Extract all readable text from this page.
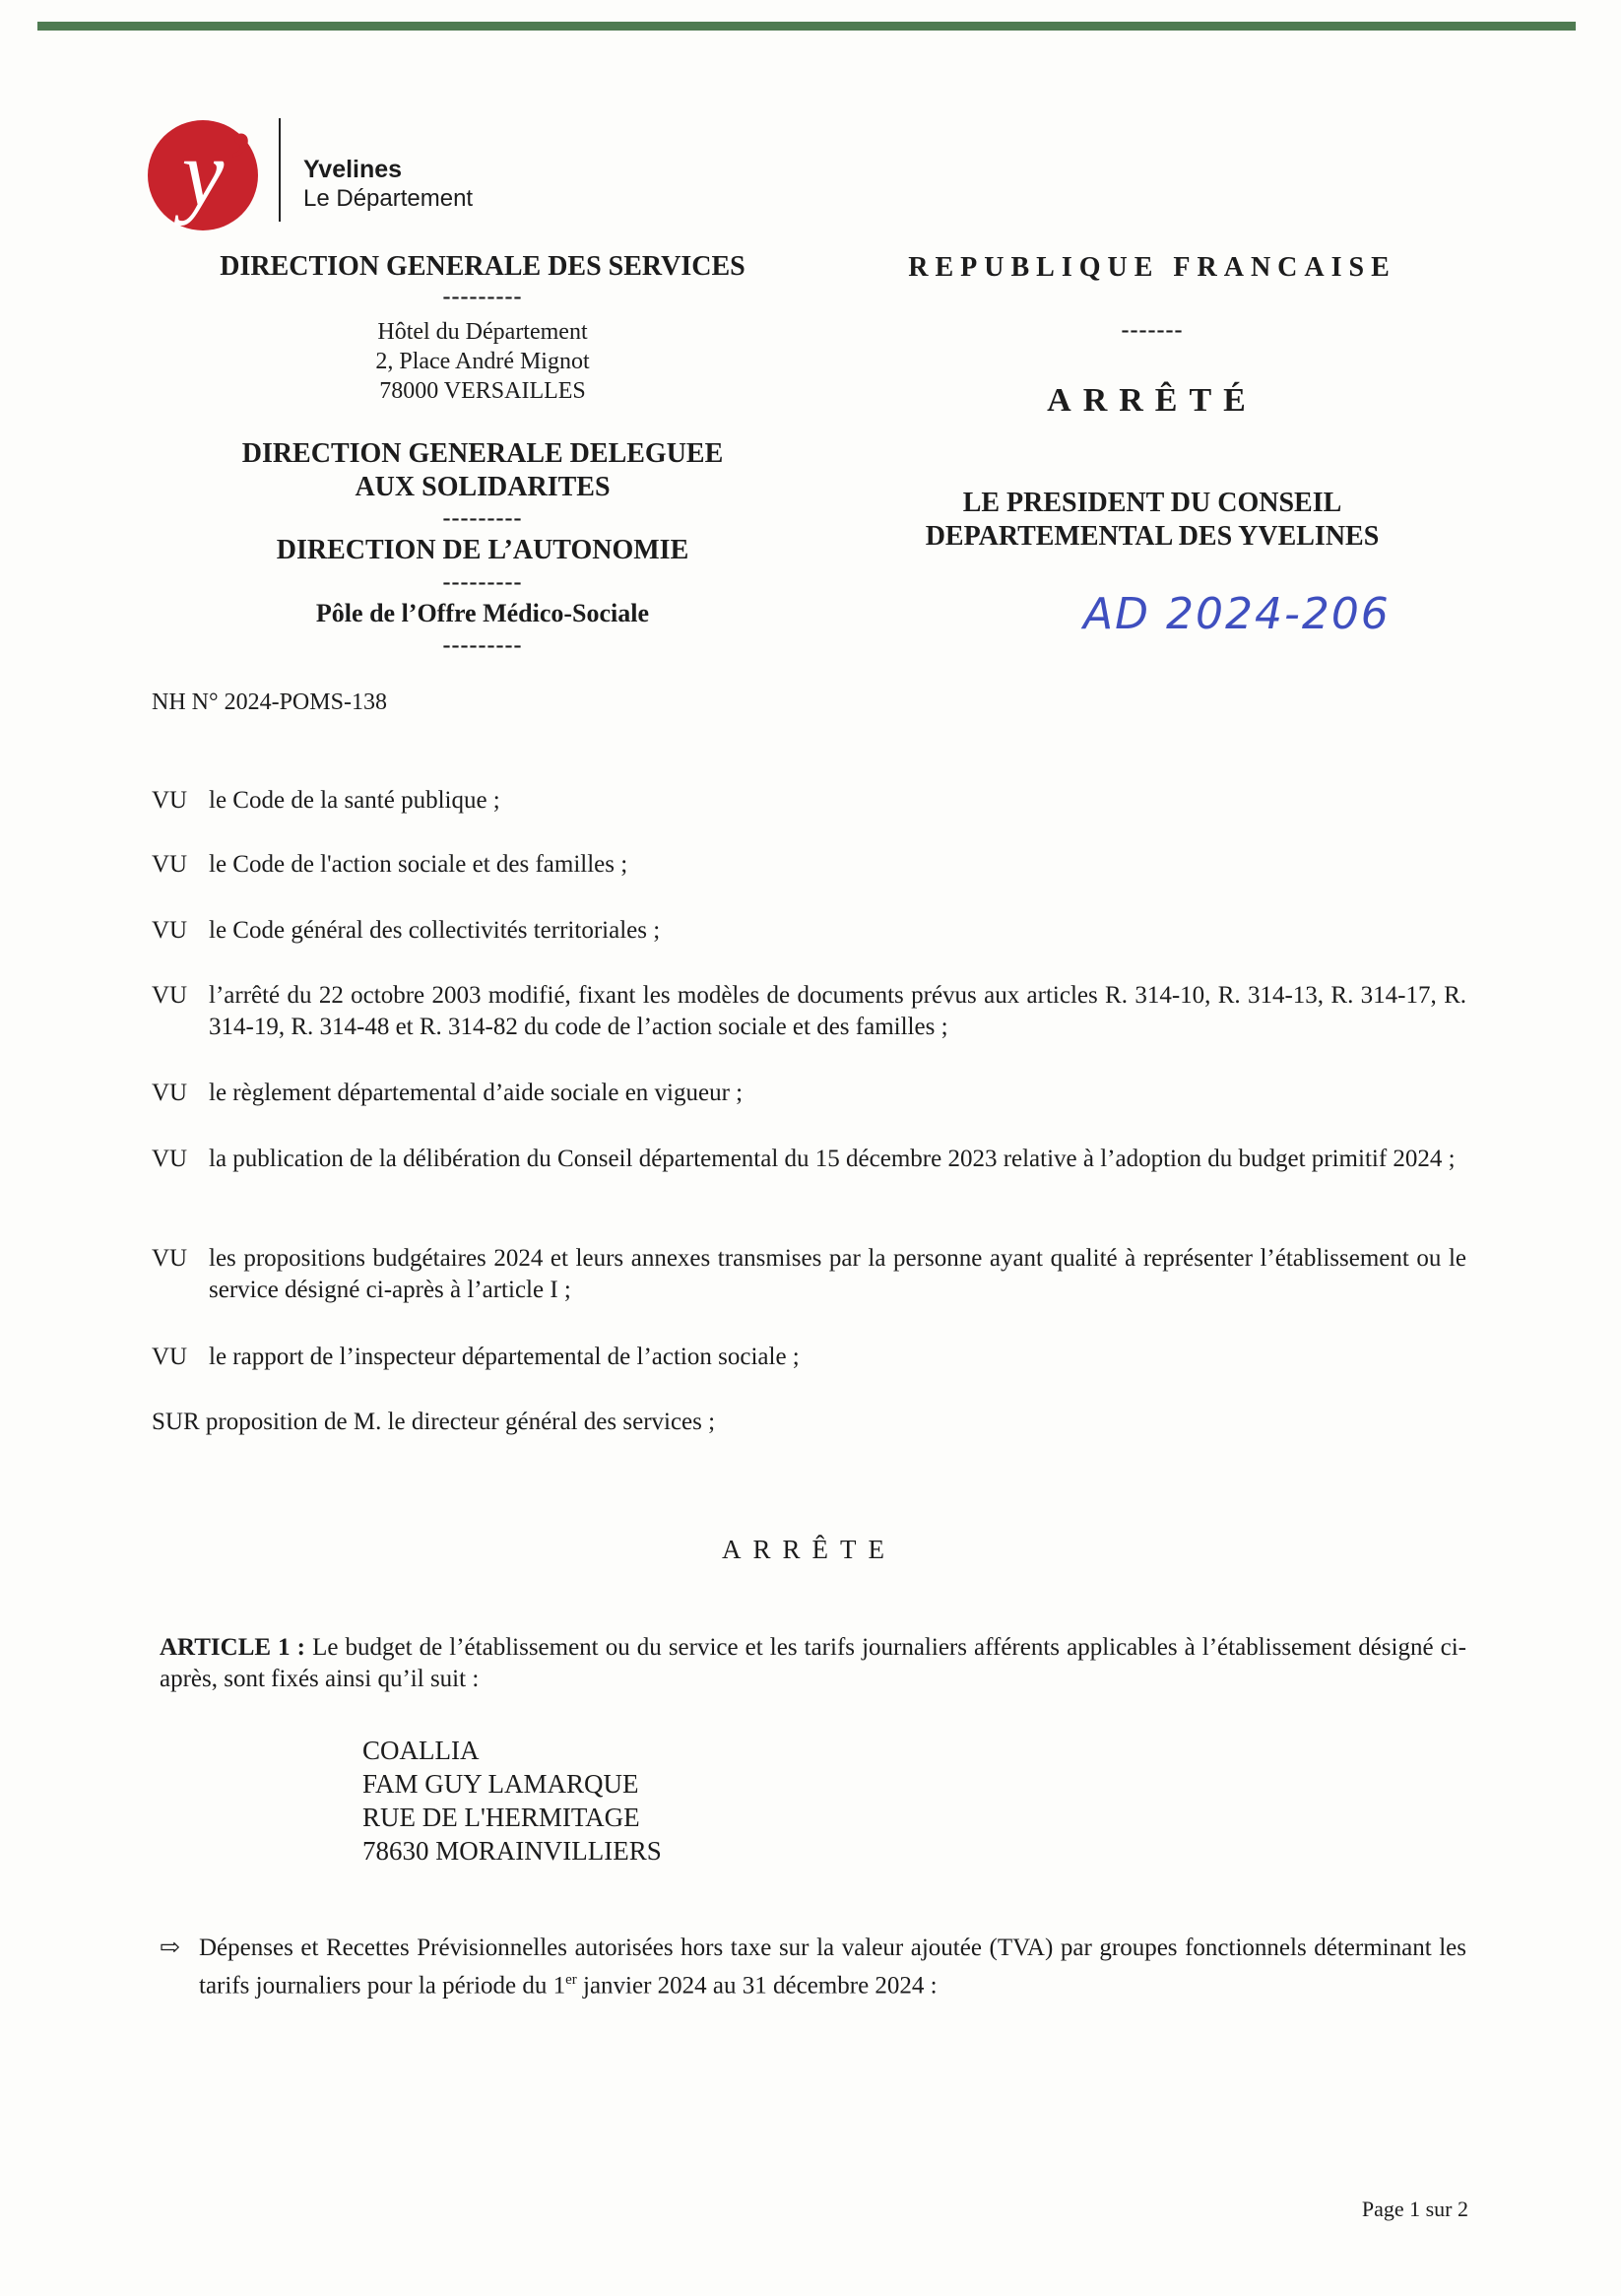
y ’ Yvelines
Le Département
DIRECTION GENERALE DES SERVICES
---------
Hôtel du Département
2, Place André Mignot
78000 VERSAILLES
DIRECTION GENERALE DELEGUEE
AUX SOLIDARITES
---------
DIRECTION DE L’AUTONOMIE
---------
Pôle de l’Offre Médico-Sociale
---------
REPUBLIQUE FRANCAISE
-------
ARRÊTÉ
LE PRESIDENT DU CONSEIL
DEPARTEMENTAL DES YVELINES
AD 2024-206
NH N° 2024-POMS-138
VU le Code de la santé publique ;
VU le Code de l'action sociale et des familles ;
VU le Code général des collectivités territoriales ;
VU l’arrêté du 22 octobre 2003 modifié, fixant les modèles de documents prévus aux articles R. 314-10, R. 314-13, R. 314-17, R. 314-19, R. 314-48 et R. 314-82 du code de l’action sociale et des familles ;
VU le règlement départemental d’aide sociale en vigueur ;
VU la publication de la délibération du Conseil départemental du 15 décembre 2023 relative à l’adoption du budget primitif 2024 ;
VU les propositions budgétaires 2024 et leurs annexes transmises par la personne ayant qualité à représenter l’établissement ou le service désigné ci-après à l’article I ;
VU le rapport de l’inspecteur départemental de l’action sociale ;
SUR proposition de M. le directeur général des services ;
ARRÊTE
ARTICLE 1 : Le budget de l’établissement ou du service et les tarifs journaliers afférents applicables à l’établissement désigné ci-après, sont fixés ainsi qu’il suit :
COALLIA
FAM GUY LAMARQUE
RUE DE L'HERMITAGE
78630 MORAINVILLIERS
⇨ Dépenses et Recettes Prévisionnelles autorisées hors taxe sur la valeur ajoutée (TVA) par groupes fonctionnels déterminant les tarifs journaliers pour la période du 1er janvier 2024 au 31 décembre 2024 :
Page 1 sur 2
